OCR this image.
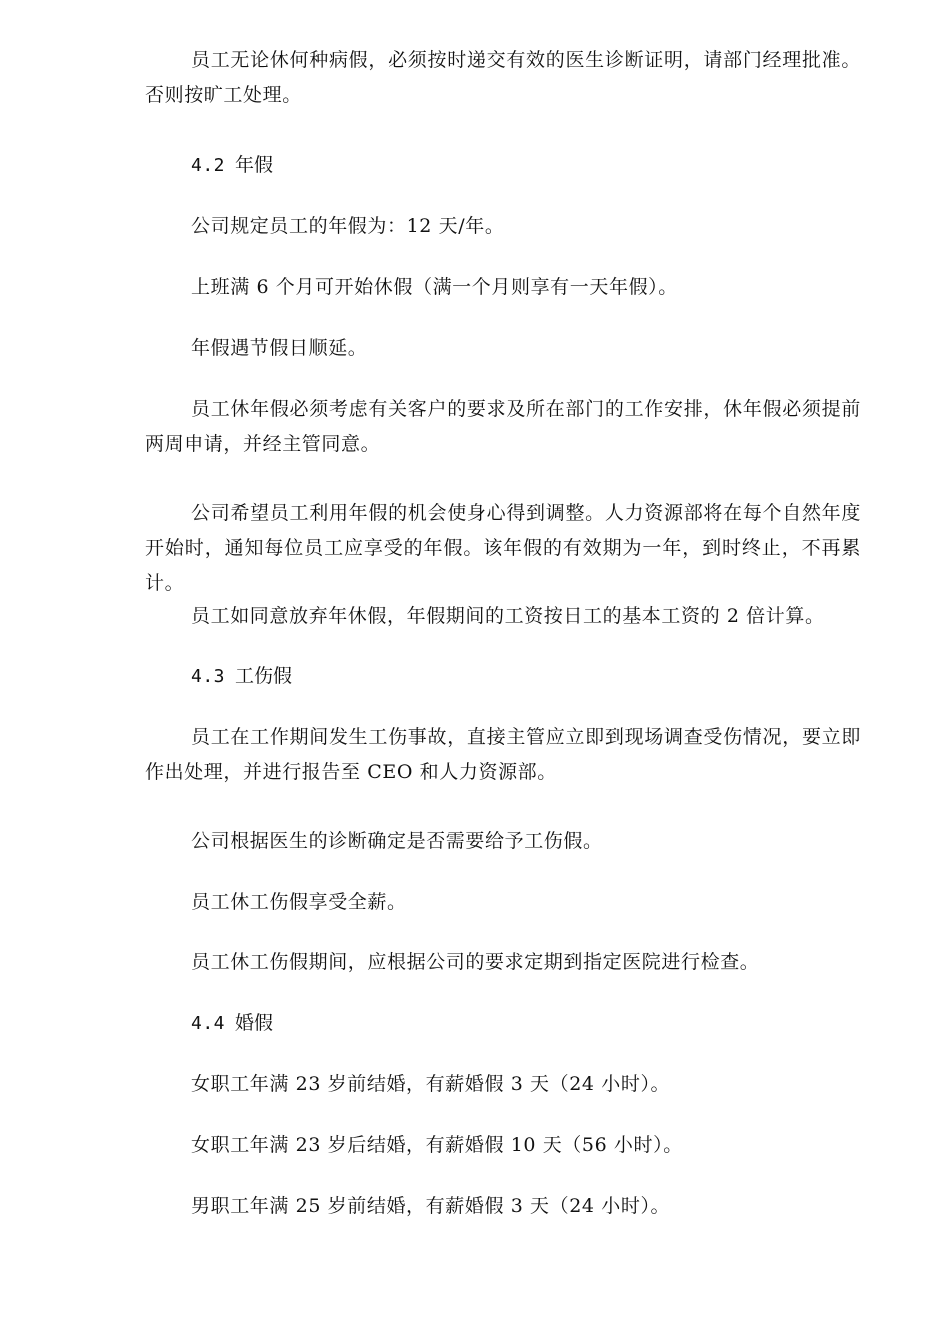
员工无论休何种病假，必须按时递交有效的医生诊断证明，请部门经理批准。否则按旷工处理。

4.2 年假

公司规定员工的年假为：12 天/年。

上班满 6 个月可开始休假（满一个月则享有一天年假）。

年假遇节假日顺延。

员工休年假必须考虑有关客户的要求及所在部门的工作安排，休年假必须提前两周申请，并经主管同意。

公司希望员工利用年假的机会使身心得到调整。人力资源部将在每个自然年度开始时，通知每位员工应享受的年假。该年假的有效期为一年，到时终止，不再累计。

员工如同意放弃年休假，年假期间的工资按日工的基本工资的 2 倍计算。

4.3 工伤假

员工在工作期间发生工伤事故，直接主管应立即到现场调查受伤情况，要立即作出处理，并进行报告至 CEO 和人力资源部。

公司根据医生的诊断确定是否需要给予工伤假。

员工休工伤假享受全薪。

员工休工伤假期间，应根据公司的要求定期到指定医院进行检查。

4.4 婚假

女职工年满 23 岁前结婚，有薪婚假 3 天（24 小时）。

女职工年满 23 岁后结婚，有薪婚假 10 天（56 小时）。

男职工年满 25 岁前结婚，有薪婚假 3 天（24 小时）。
